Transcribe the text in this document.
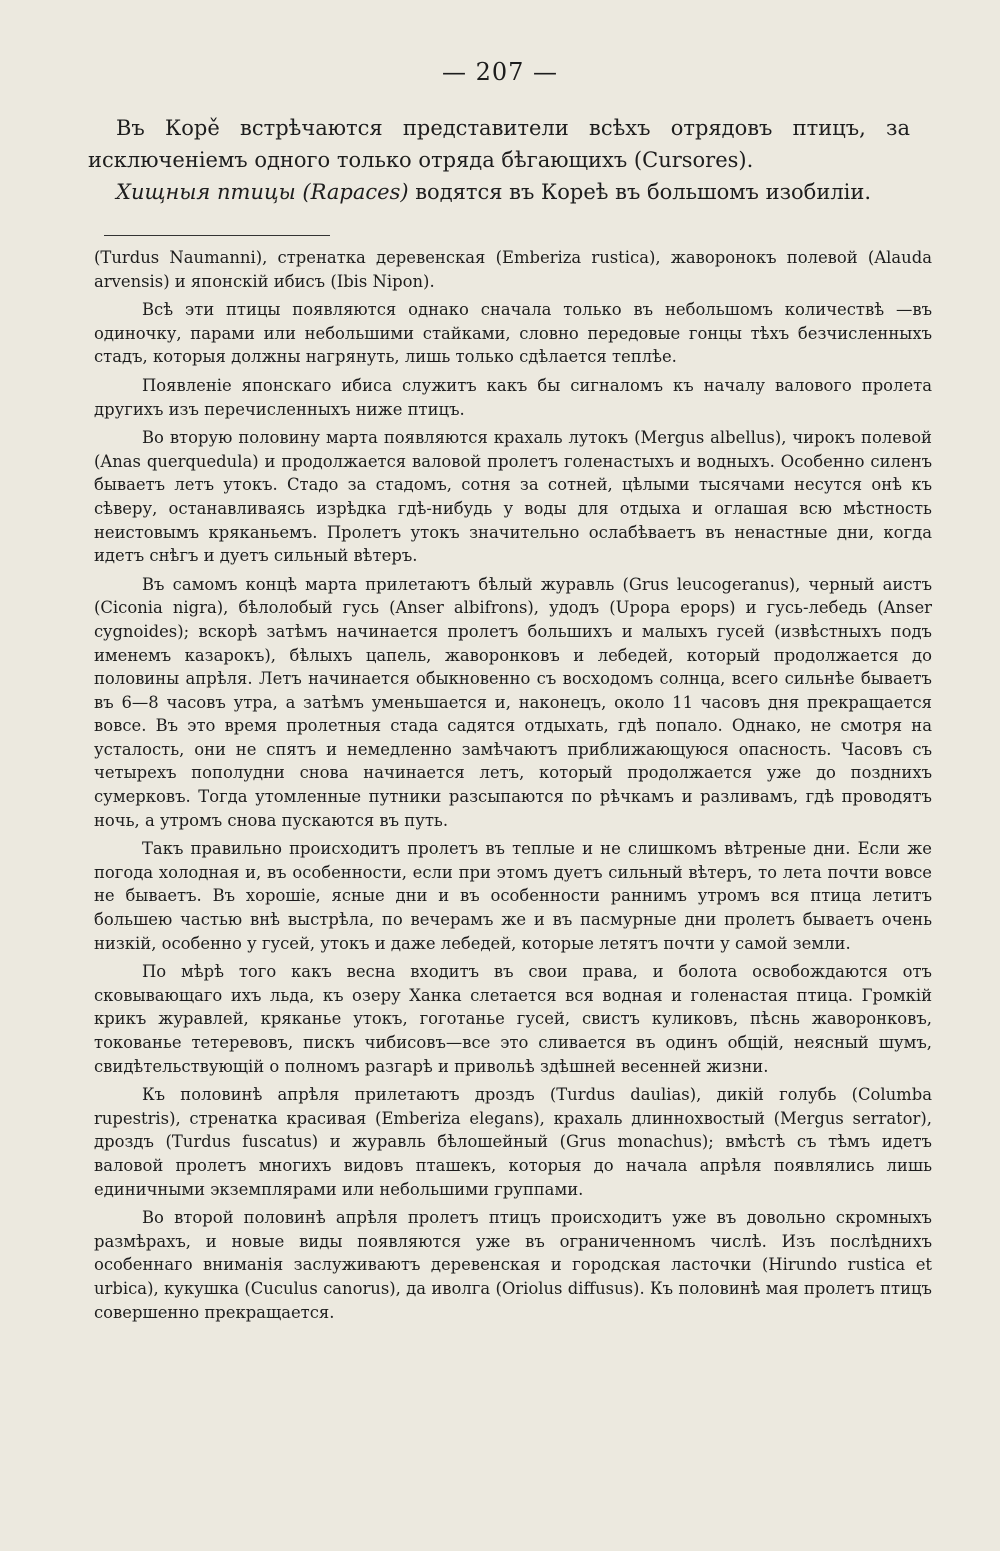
— 207 —

Въ Коре̌ встрѣчаются представители всѣхъ отрядовъ птицъ, за исключеніемъ одного только отряда бѣгающихъ (Cursores).

Хищныя птицы (Rapaces) водятся въ Кореѣ въ большомъ изобиліи.

(Turdus Naumanni), стренатка деревенская (Emberiza rustica), жаворонокъ полевой (Alauda arvensis) и японскій ибисъ (Ibis Nipon).

Всѣ эти птицы появляются однако сначала только въ небольшомъ количествѣ —въ одиночку, парами или небольшими стайками, словно передовые гонцы тѣхъ безчисленныхъ стадъ, которыя должны нагрянуть, лишь только сдѣлается теплѣе.

Появленіе японскаго ибиса служитъ какъ бы сигналомъ къ началу валового пролета другихъ изъ перечисленныхъ ниже птицъ.

Во вторую половину марта появляются крахаль лутокъ (Mergus albellus), чирокъ полевой (Anas querquedula) и продолжается валовой пролетъ голенастыхъ и водныхъ. Особенно силенъ бываетъ летъ утокъ. Стадо за стадомъ, сотня за сотней, цѣлыми тысячами несутся онѣ къ сѣверу, останавливаясь изрѣдка гдѣ-нибудь у воды для отдыха и оглашая всю мѣстность неистовымъ кряканьемъ. Пролетъ утокъ значительно ослабѣваетъ въ ненастные дни, когда идетъ снѣгъ и дуетъ сильный вѣтеръ.

Въ самомъ концѣ марта прилетаютъ бѣлый журавль (Grus leucogeranus), черный аистъ (Ciconia nigra), бѣлолобый гусь (Anser albifrons), удодъ (Upopa epops) и гусь-лебедь (Anser cygnoides); вскорѣ затѣмъ начинается пролетъ большихъ и малыхъ гусей (извѣстныхъ подъ именемъ казарокъ), бѣлыхъ цапель, жаворонковъ и лебедей, который продолжается до половины апрѣля. Летъ начинается обыкновенно съ восходомъ солнца, всего сильнѣе бываетъ въ 6—8 часовъ утра, а затѣмъ уменьшается и, наконецъ, около 11 часовъ дня прекращается вовсе. Въ это время пролетныя стада садятся отдыхать, гдѣ попало. Однако, не смотря на усталость, они не спятъ и немедленно замѣчаютъ приближающуюся опасность. Часовъ съ четырехъ пополудни снова начинается летъ, который продолжается уже до позднихъ сумерковъ. Тогда утомленные путники разсыпаются по рѣчкамъ и разливамъ, гдѣ проводятъ ночь, а утромъ снова пускаются въ путь.

Такъ правильно происходитъ пролетъ въ теплые и не слишкомъ вѣтреные дни. Если же погода холодная и, въ особенности, если при этомъ дуетъ сильный вѣтеръ, то лета почти вовсе не бываетъ. Въ хорошіе, ясные дни и въ особенности раннимъ утромъ вся птица летитъ большею частью внѣ выстрѣла, по вечерамъ же и въ пасмурные дни пролетъ бываетъ очень низкій, особенно у гусей, утокъ и даже лебедей, которые летятъ почти у самой земли.

По мѣрѣ того какъ весна входитъ въ свои права, и болота освобождаются отъ сковывающаго ихъ льда, къ озеру Ханка слетается вся водная и голенастая птица. Громкій крикъ журавлей, кряканье утокъ, гоготанье гусей, свистъ куликовъ, пѣснь жаворонковъ, токованье тетеревовъ, пискъ чибисовъ—все это сливается въ одинъ общій, неясный шумъ, свидѣтельствующій о полномъ разгарѣ и привольѣ здѣшней весенней жизни.

Къ половинѣ апрѣля прилетаютъ дроздъ (Turdus daulias), дикій голубь (Columba rupestris), стренатка красивая (Emberiza elegans), крахаль длиннохвостый (Mergus serrator), дроздъ (Turdus fuscatus) и журавль бѣлошейный (Grus monachus); вмѣстѣ съ тѣмъ идетъ валовой пролетъ многихъ видовъ пташекъ, которыя до начала апрѣля появлялись лишь единичными экземплярами или небольшими группами.

Во второй половинѣ апрѣля пролетъ птицъ происходитъ уже въ довольно скромныхъ размѣрахъ, и новые виды появляются уже въ ограниченномъ числѣ. Изъ послѣднихъ особеннаго вниманія заслуживаютъ деревенская и городская ласточки (Hirundo rustica et urbica), кукушка (Cuculus canorus), да иволга (Oriolus diffusus). Къ половинѣ мая пролетъ птицъ совершенно прекращается.
